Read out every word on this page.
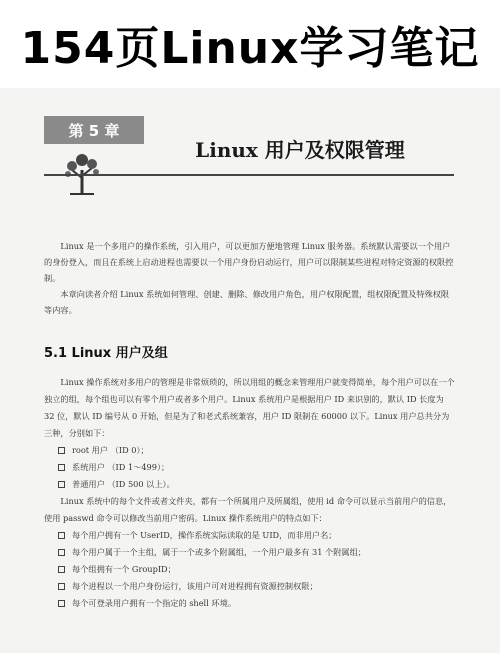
154页Linux学习笔记
第 5 章
Linux 用户及权限管理

Linux 是一个多用户的操作系统，引入用户，可以更加方便地管理 Linux 服务器。系统默认需要以一个用户的身份登入，而且在系统上启动进程也需要以一个用户身份启动运行，用户可以限制某些进程对特定资源的权限控制。

本章向读者介绍 Linux 系统如何管理、创建、删除、修改用户角色，用户权限配置，组权限配置及特殊权限等内容。

5.1 Linux 用户及组

Linux 操作系统对多用户的管理是非常烦琐的，所以用组的概念来管理用户就变得简单，每个用户可以在一个独立的组，每个组也可以有零个用户或者多个用户。Linux 系统用户是根据用户 ID 来识别的，默认 ID 长度为 32 位，默认 ID 编号从 0 开始，但是为了和老式系统兼容，用户 ID 限制在 60000 以下。Linux 用户总共分为三种，分别如下：

root 用户 （ID 0）；
系统用户 （ID 1～499）；
普通用户 （ID 500 以上）。

Linux 系统中的每个文件或者文件夹，都有一个所属用户及所属组，使用 id 命令可以显示当前用户的信息，使用 passwd 命令可以修改当前用户密码。Linux 操作系统用户的特点如下：

每个用户拥有一个 UserID，操作系统实际读取的是 UID，而非用户名；
每个用户属于一个主组，属于一个或多个附属组，一个用户最多有 31 个附属组；
每个组拥有一个 GroupID；
每个进程以一个用户身份运行，该用户可对进程拥有资源控制权限；
每个可登录用户拥有一个指定的 shell 环境。
